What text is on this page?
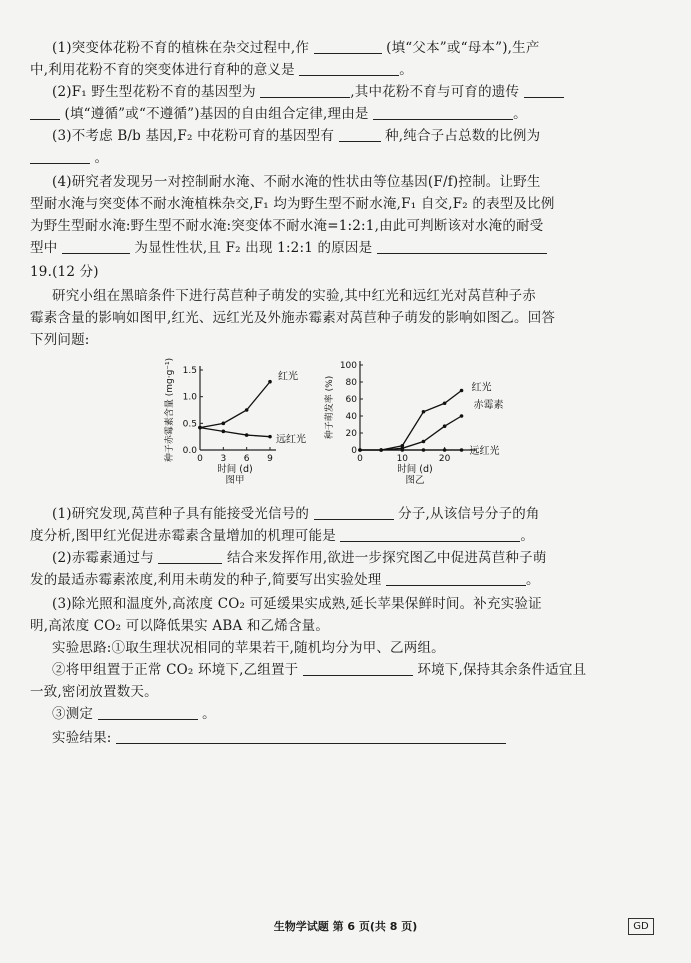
(1)突变体花粉不育的植株在杂交过程中,作	(填“父本”或“母本”),生产
中,利用花粉不育的突变体进行育种的意义是	。
(2)F₁ 野生型花粉不育的基因型为	,其中花粉不育与可育的遗传
(填“遵循”或“不遵循”)基因的自由组合定律,理由是	。
(3)不考虑 B/b 基因,F₂ 中花粉可育的基因型有	种,纯合子占总数的比例为
。
(4)研究者发现另一对控制耐水淹、不耐水淹的性状由等位基因(F/f)控制。让野生
型耐水淹与突变体不耐水淹植株杂交,F₁ 均为野生型不耐水淹,F₁ 自交,F₂ 的表型及比例
为野生型耐水淹:野生型不耐水淹:突变体不耐水淹=1:2:1,由此可判断该对水淹的耐受
型中	为显性性状,且 F₂ 出现 1:2:1 的原因是
19.(12 分)
研究小组在黑暗条件下进行莴苣种子萌发的实验,其中红光和远红光对莴苣种子赤
霉素含量的影响如图甲,红光、远红光及外施赤霉素对莴苣种子萌发的影响如图乙。回答
下列问题:
0.0
0.5
1.0
1.5
0 3 6 9
时间 (d)
图甲
种子赤霉素含量 (mg·g⁻¹)	红光
远红光
0
20
40
60
80
100
0	10	20
时间 (d)
图乙
种子萌发率 (%)	红光
赤霉素
远红光
(1)研究发现,莴苣种子具有能接受光信号的	分子,从该信号分子的角
度分析,图甲红光促进赤霉素含量增加的机理可能是	。
(2)赤霉素通过与	结合来发挥作用,欲进一步探究图乙中促进莴苣种子萌
发的最适赤霉素浓度,利用未萌发的种子,简要写出实验处理	。
(3)除光照和温度外,高浓度 CO₂ 可延缓果实成熟,延长苹果保鲜时间。补充实验证
明,高浓度 CO₂ 可以降低果实 ABA 和乙烯含量。
实验思路:①取生理状况相同的苹果若干,随机均分为甲、乙两组。
②将甲组置于正常 CO₂ 环境下,乙组置于	环境下,保持其余条件适宜且
一致,密闭放置数天。
③测定	。
实验结果:
生物学试题 第 6 页(共 8 页)	GD
